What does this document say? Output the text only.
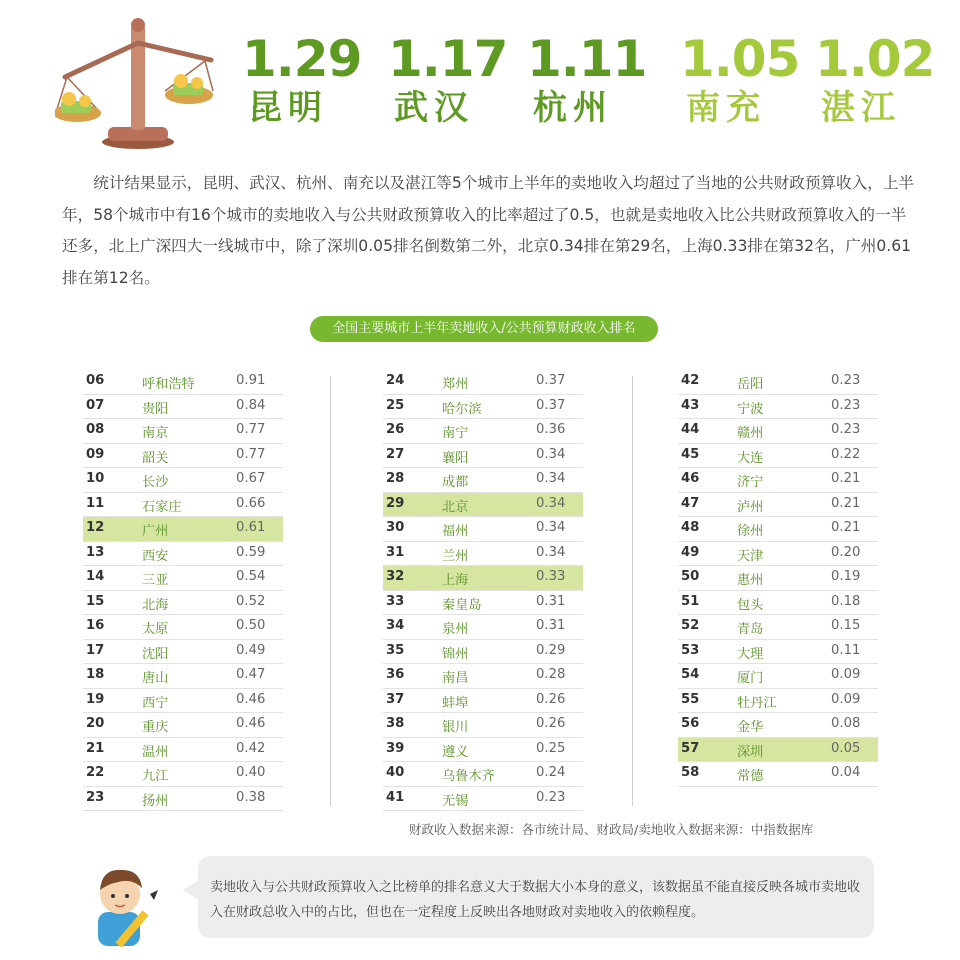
1.29
昆明
1.17
武汉
1.11
杭州
1.05
南充
1.02
湛江

统计结果显示，昆明、武汉、杭州、南充以及湛江等5个城市上半年的卖地收入均超过了当地的公共财政预算收入，上半年，58个城市中有16个城市的卖地收入与公共财政预算收入的比率超过了0.5，也就是卖地收入比公共财政预算收入的一半还多，北上广深四大一线城市中，除了深圳0.05排名倒数第二外，北京0.34排在第29名，上海0.33排在第32名，广州0.61排在第12名。

全国主要城市上半年卖地收入/公共预算财政收入排名
06	呼和浩特	0.91
07	贵阳	0.84
08	南京	0.77
09	韶关	0.77
10	长沙	0.67
11	石家庄	0.66
12	广州	0.61
13	西安	0.59
14	三亚	0.54
15	北海	0.52
16	太原	0.50
17	沈阳	0.49
18	唐山	0.47
19	西宁	0.46
20	重庆	0.46
21	温州	0.42
22	九江	0.40
23	扬州	0.38
24	郑州	0.37
25	哈尔滨	0.37
26	南宁	0.36
27	襄阳	0.34
28	成都	0.34
29	北京	0.34
30	福州	0.34
31	兰州	0.34
32	上海	0.33
33	秦皇岛	0.31
34	泉州	0.31
35	锦州	0.29
36	南昌	0.28
37	蚌埠	0.26
38	银川	0.26
39	遵义	0.25
40	乌鲁木齐	0.24
41	无锡	0.23
42	岳阳	0.23
43	宁波	0.23
44	赣州	0.23
45	大连	0.22
46	济宁	0.21
47	泸州	0.21
48	徐州	0.21
49	天津	0.20
50	惠州	0.19
51	包头	0.18
52	青岛	0.15
53	大理	0.11
54	厦门	0.09
55	牡丹江	0.09
56	金华	0.08
57	深圳	0.05
58	常德	0.04
财政收入数据来源：各市统计局、财政局/卖地收入数据来源：中指数据库

卖地收入与公共财政预算收入之比榜单的排名意义大于数据大小本身的意义，该数据虽不能直接反映各城市卖地收入在财政总收入中的占比，但也在一定程度上反映出各地财政对卖地收入的依赖程度。
